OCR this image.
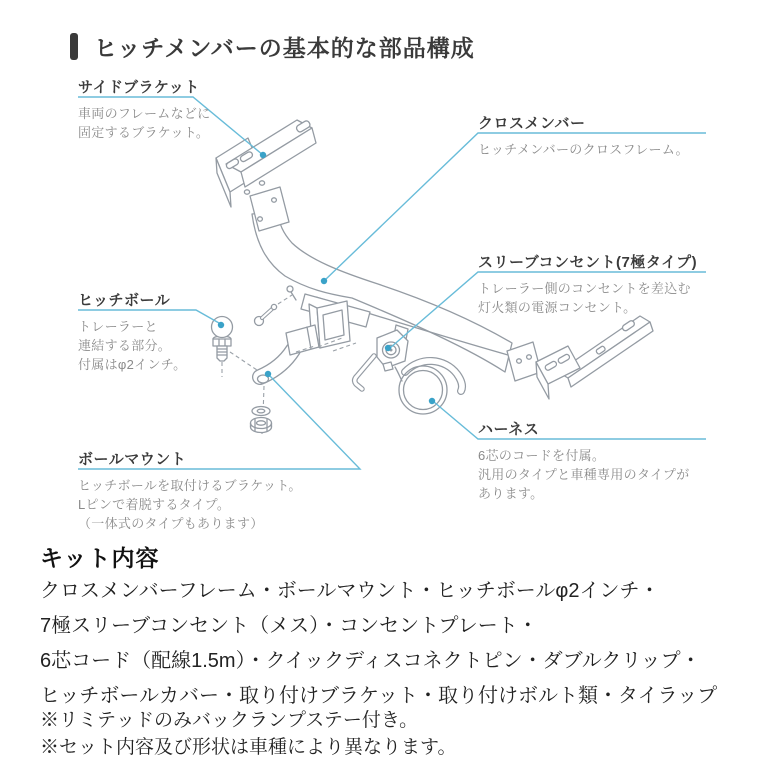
ヒッチメンバーの基本的な部品構成
サイドブラケット
車両のフレームなどに
固定するブラケット。
クロスメンバー
ヒッチメンバーのクロスフレーム。
スリーブコンセント(7極タイプ)
トレーラー側のコンセントを差込む
灯火類の電源コンセント。
ヒッチボール
トレーラーと
連結する部分。
付属はφ2インチ。
ボールマウント
ヒッチボールを取付けるブラケット。
Lピンで着脱するタイプ。
（一体式のタイプもあります）
ハーネス
6芯のコードを付属。
汎用のタイプと車種専用のタイプが
あります。
キット内容
クロスメンバーフレーム・ボールマウント・ヒッチボールφ2インチ・
7極スリーブコンセント（メス）・コンセントプレート・
6芯コード（配線1.5m）・クイックディスコネクトピン・ダブルクリップ・
ヒッチボールカバー・取り付けブラケット・取り付けボルト類・タイラップ
※リミテッドのみバックランプステー付き。
※セット内容及び形状は車種により異なります。
